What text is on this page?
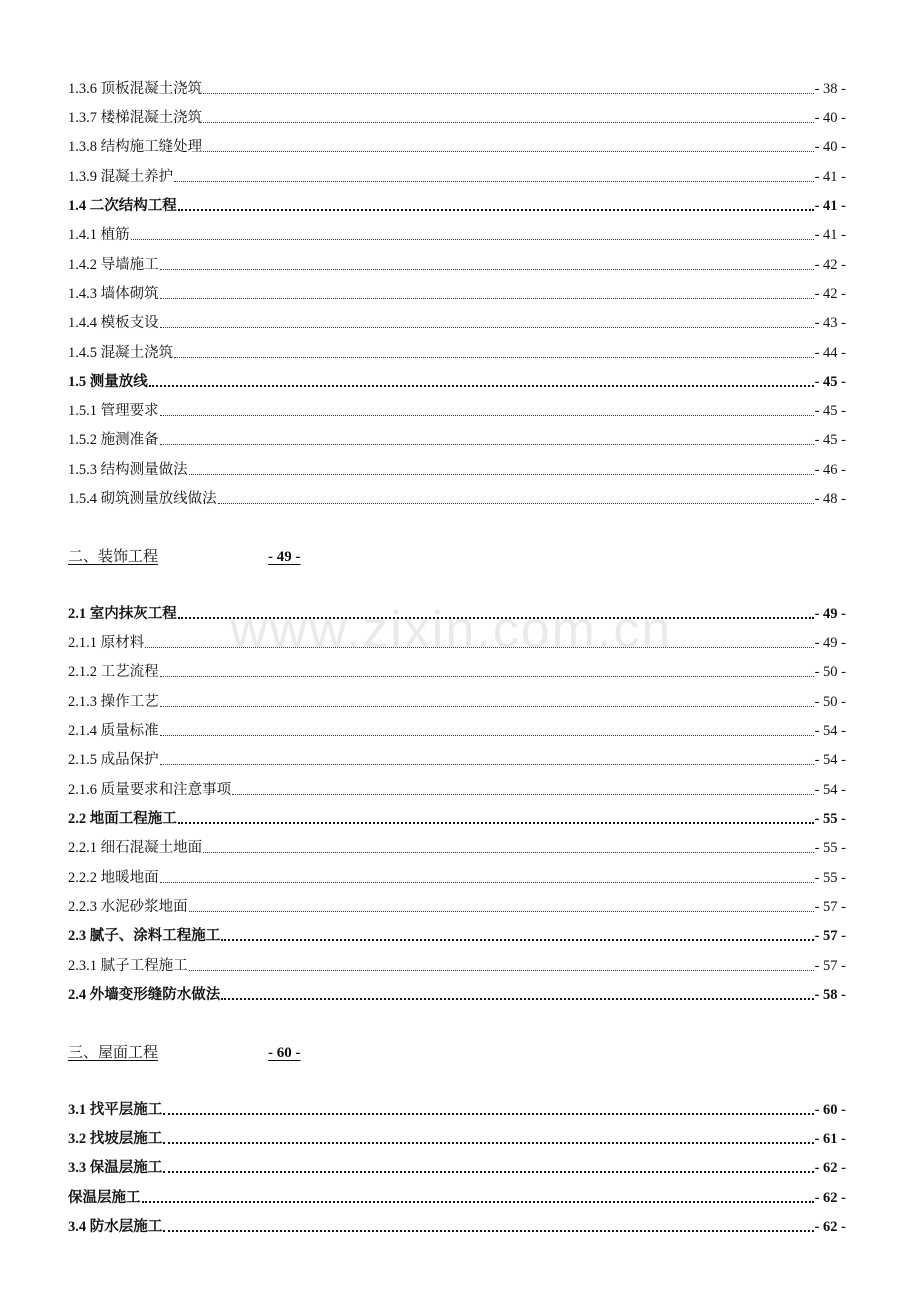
www.zixin.com.cn
1.3.6 顶板混凝土浇筑	- 38 -
1.3.7 楼梯混凝土浇筑	- 40 -
1.3.8 结构施工缝处理	- 40 -
1.3.9 混凝土养护	- 41 -
1.4 二次结构工程	- 41 -
1.4.1 植筋	- 41 -
1.4.2 导墙施工	- 42 -
1.4.3 墙体砌筑	- 42 -
1.4.4 模板支设	- 43 -
1.4.5 混凝土浇筑	- 44 -
1.5 测量放线	- 45 -
1.5.1 管理要求	- 45 -
1.5.2 施测准备	- 45 -
1.5.3 结构测量做法	- 46 -
1.5.4 砌筑测量放线做法	- 48 -
二、装饰工程	- 49 -
2.1 室内抹灰工程	- 49 -
2.1.1 原材料	- 49 -
2.1.2 工艺流程	- 50 -
2.1.3 操作工艺	- 50 -
2.1.4 质量标准	- 54 -
2.1.5 成品保护	- 54 -
2.1.6 质量要求和注意事项	- 54 -
2.2 地面工程施工	- 55 -
2.2.1 细石混凝土地面	- 55 -
2.2.2 地暖地面	- 55 -
2.2.3 水泥砂浆地面	- 57 -
2.3 腻子、涂料工程施工	- 57 -
2.3.1 腻子工程施工	- 57 -
2.4 外墙变形缝防水做法	- 58 -
三、屋面工程	- 60 -
3.1 找平层施工	- 60 -
3.2 找坡层施工	- 61 -
3.3 保温层施工	- 62 -
保温层施工	- 62 -
3.4 防水层施工	- 62 -
